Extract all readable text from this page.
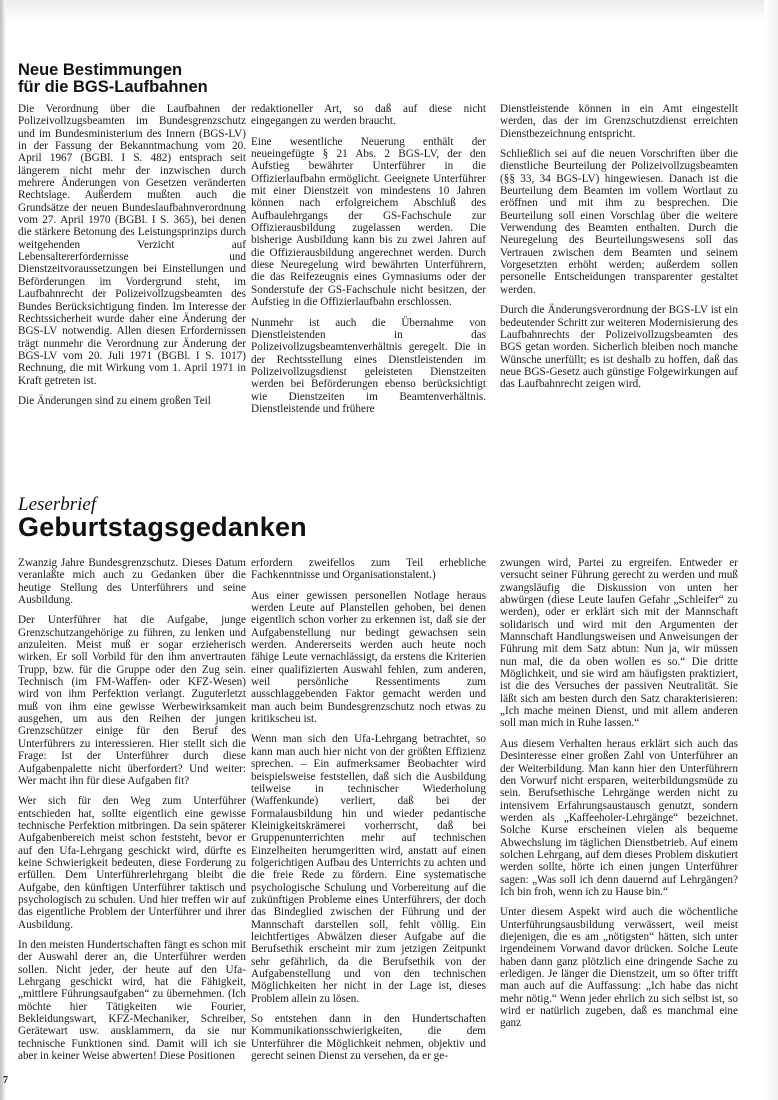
Neue Bestimmungen
für die BGS-Laufbahnen

Die Verordnung über die Laufbahnen der Polizeivollzugsbeamten im Bundesgrenzschutz und im Bundesministerium des Innern (BGS-LV) in der Fassung der Bekanntmachung vom 20. April 1967 (BGBl. I S. 482) entsprach seit längerem nicht mehr der inzwischen durch mehrere Änderungen von Gesetzen veränderten Rechtslage. Außerdem mußten auch die Grundsätze der neuen Bundeslaufbahnverordnung vom 27. April 1970 (BGBl. I S. 365), bei denen die stärkere Betonung des Leistungsprinzips durch weitgehenden Verzicht auf Lebensaltererfordernisse und Dienstzeitvoraussetzungen bei Einstellungen und Beförderungen im Vordergrund steht, im Laufbahnrecht der Polizeivollzugsbeamten des Bundes Berücksichtigung finden. Im Interesse der Rechtssicherheit wurde daher eine Änderung der BGS-LV notwendig. Allen diesen Erfordernissen trägt nunmehr die Verordnung zur Änderung der BGS-LV vom 20. Juli 1971 (BGBl. I S. 1017) Rechnung, die mit Wirkung vom 1. April 1971 in Kraft getreten ist.

Die Änderungen sind zu einem großen Teil

redaktioneller Art, so daß auf diese nicht eingegangen zu werden braucht.

Eine wesentliche Neuerung enthält der neueingefügte § 21 Abs. 2 BGS-LV, der den Aufstieg bewährter Unterführer in die Offizierlaufbahn ermöglicht. Geeignete Unterführer mit einer Dienstzeit von mindestens 10 Jahren können nach erfolgreichem Abschluß des Aufbaulehrgangs der GS-Fachschule zur Offizierausbildung zugelassen werden. Die bisherige Ausbildung kann bis zu zwei Jahren auf die Offizierausbildung angerechnet werden. Durch diese Neuregelung wird bewährten Unterführern, die das Reifezeugnis eines Gymnasiums oder der Sonderstufe der GS-Fachschule nicht besitzen, der Aufstieg in die Offizierlaufbahn erschlossen.

Nunmehr ist auch die Übernahme von Dienstleistenden in das Polizeivollzugsbeamtenverhältnis geregelt. Die in der Rechtsstellung eines Dienstleistenden im Polizeivollzugsdienst geleisteten Dienstzeiten werden bei Beförderungen ebenso berücksichtigt wie Dienstzeiten im Beamtenverhältnis. Dienstleistende und frühere

Dienstleistende können in ein Amt eingestellt werden, das der im Grenzschutzdienst erreichten Dienstbezeichnung entspricht.

Schließlich sei auf die neuen Vorschriften über die dienstliche Beurteilung der Polizeivollzugsbeamten (§§ 33, 34 BGS-LV) hingewiesen. Danach ist die Beurteilung dem Beamten im vollem Wortlaut zu eröffnen und mit ihm zu besprechen. Die Beurteilung soll einen Vorschlag über die weitere Verwendung des Beamten enthalten. Durch die Neuregelung des Beurteilungswesens soll das Vertrauen zwischen dem Beamten und seinem Vorgesetzten erhöht werden; außerdem sollen personelle Entscheidungen transparenter gestaltet werden.

Durch die Änderungsverordnung der BGS-LV ist ein bedeutender Schritt zur weiteren Modernisierung des Laufbahnrechts der Polizeivollzugsbeamten des BGS getan worden. Sicherlich bleiben noch manche Wünsche unerfüllt; es ist deshalb zu hoffen, daß das neue BGS-Gesetz auch günstige Folgewirkungen auf das Laufbahnrecht zeigen wird.

Leserbrief
Geburtstagsgedanken

Zwanzig Jahre Bundesgrenzschutz. Dieses Datum veranlaßte mich auch zu Gedanken über die heutige Stellung des Unterführers und seine Ausbildung.

Der Unterführer hat die Aufgabe, junge Grenzschutzangehörige zu führen, zu lenken und anzuleiten. Meist muß er sogar erzieherisch wirken. Er soll Vorbild für den ihm anvertrauten Trupp, bzw. für die Gruppe oder den Zug sein. Technisch (im FM-Waffen- oder KFZ-Wesen) wird von ihm Perfektion verlangt. Zuguterletzt muß von ihm eine gewisse Werbewirksamkeit ausgehen, um aus den Reihen der jungen Grenzschützer einige für den Beruf des Unterführers zu interessieren. Hier stellt sich die Frage: Ist der Unterführer durch diese Aufgabenpalette nicht überfordert? Und weiter: Wer macht ihn für diese Aufgaben fit?

Wer sich für den Weg zum Unterführer entschieden hat, sollte eigentlich eine gewisse technische Perfektion mitbringen. Da sein späterer Aufgabenbereich meist schon feststeht, bevor er auf den Ufa-Lehrgang geschickt wird, dürfte es keine Schwierigkeit bedeuten, diese Forderung zu erfüllen. Dem Unterführerlehrgang bleibt die Aufgabe, den künftigen Unterführer taktisch und psychologisch zu schulen. Und hier treffen wir auf das eigentliche Problem der Unterführer und ihrer Ausbildung.

In den meisten Hundertschaften fängt es schon mit der Auswahl derer an, die Unterführer werden sollen. Nicht jeder, der heute auf den Ufa-Lehrgang geschickt wird, hat die Fähigkeit, „mittlere Führungsaufgaben“ zu übernehmen. (Ich möchte hier Tätigkeiten wie Fourier, Bekleidungswart, KFZ-Mechaniker, Schreiber, Gerätewart usw. ausklammern, da sie nur technische Funktionen sind. Damit will ich sie aber in keiner Weise abwerten! Diese Positionen

erfordern zweifellos zum Teil erhebliche Fachkenntnisse und Organisationstalent.)

Aus einer gewissen personellen Notlage heraus werden Leute auf Planstellen gehoben, bei denen eigentlich schon vorher zu erkennen ist, daß sie der Aufgabenstellung nur bedingt gewachsen sein werden. Andererseits werden auch heute noch fähige Leute vernachlässigt, da erstens die Kriterien einer qualifizierten Auswahl fehlen, zum anderen, weil persönliche Ressentiments zum ausschlaggebenden Faktor gemacht werden und man auch beim Bundesgrenzschutz noch etwas zu kritikscheu ist.

Wenn man sich den Ufa-Lehrgang betrachtet, so kann man auch hier nicht von der größten Effizienz sprechen. – Ein aufmerksamer Beobachter wird beispielsweise feststellen, daß sich die Ausbildung teilweise in technischer Wiederholung (Waffenkunde) verliert, daß bei der Formalausbildung hin und wieder pedantische Kleinigkeitskrämerei vorherrscht, daß bei Gruppenunterrichten mehr auf technischen Einzelheiten herumgeritten wird, anstatt auf einen folgerichtigen Aufbau des Unterrichts zu achten und die freie Rede zu fördern. Eine systematische psychologische Schulung und Vorbereitung auf die zukünftigen Probleme eines Unterführers, der doch das Bindeglied zwischen der Führung und der Mannschaft darstellen soll, fehlt völlig. Ein leichtfertiges Abwälzen dieser Aufgabe auf die Berufsethik erscheint mir zum jetzigen Zeitpunkt sehr gefährlich, da die Berufsethik von der Aufgabenstellung und von den technischen Möglichkeiten her nicht in der Lage ist, dieses Problem allein zu lösen.

So entstehen dann in den Hundertschaften Kommunikationsschwierigkeiten, die dem Unterführer die Möglichkeit nehmen, objektiv und gerecht seinen Dienst zu versehen, da er ge-

zwungen wird, Partei zu ergreifen. Entweder er versucht seiner Führung gerecht zu werden und muß zwangsläufig die Diskussion von unten her abwürgen (diese Leute laufen Gefahr „Schleifer“ zu werden), oder er erklärt sich mit der Mannschaft solidarisch und wird mit den Argumenten der Mannschaft Handlungsweisen und Anweisungen der Führung mit dem Satz abtun: Nun ja, wir müssen nun mal, die da oben wollen es so.“ Die dritte Möglichkeit, und sie wird am häufigsten praktiziert, ist die des Versuches der passiven Neutralität. Sie läßt sich am besten durch den Satz charakterisieren: „Ich mache meinen Dienst, und mit allem anderen soll man mich in Ruhe lassen.“

Aus diesem Verhalten heraus erklärt sich auch das Desinteresse einer großen Zahl von Unterführer an der Weiterbildung. Man kann hier den Unterführern den Vorwurf nicht ersparen, weiterbildungsmüde zu sein. Berufsethische Lehrgänge werden nicht zu intensivem Erfahrungsaustausch genutzt, sondern werden als „Kaffeeholer-Lehrgänge“ bezeichnet. Solche Kurse erscheinen vielen als bequeme Abwechslung im täglichen Dienstbetrieb. Auf einem solchen Lehrgang, auf dem dieses Problem diskutiert werden sollte, hörte ich einen jungen Unterführer sagen: „Was soll ich denn dauernd auf Lehrgängen? Ich bin froh, wenn ich zu Hause bin.“

Unter diesem Aspekt wird auch die wöchentliche Unterführungsausbildung verwässert, weil meist diejenigen, die es am „nötigsten“ hätten, sich unter irgendeinem Vorwand davor drücken. Solche Leute haben dann ganz plötzlich eine dringende Sache zu erledigen. Je länger die Dienstzeit, um so öfter trifft man auch auf die Auffassung: „Ich habe das nicht mehr nötig.“ Wenn jeder ehrlich zu sich selbst ist, so wird er natürlich zugeben, daß es manchmal eine ganz

7
